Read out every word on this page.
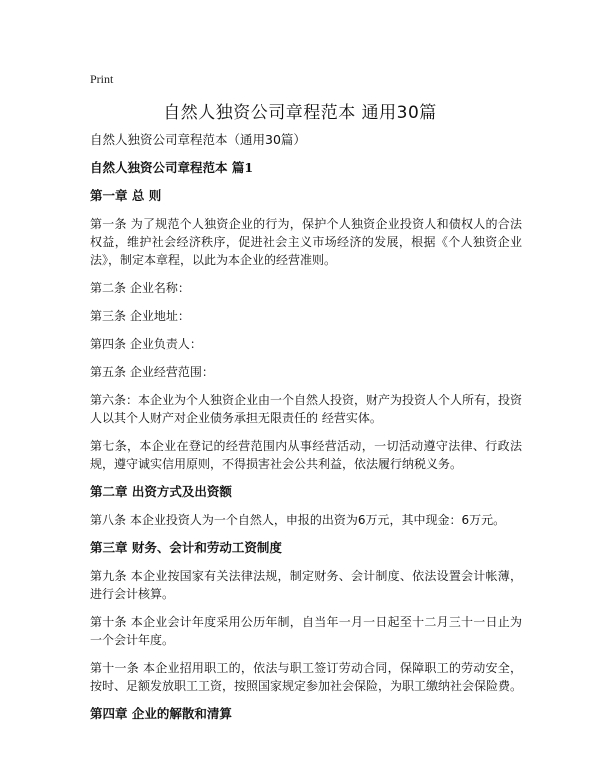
Print
自然人独资公司章程范本 通用30篇

自然人独资公司章程范本（通用30篇）

自然人独资公司章程范本 篇1

第一章 总 则

第一条 为了规范个人独资企业的行为，保护个人独资企业投资人和债权人的合法权益，维护社会经济秩序，促进社会主义市场经济的发展，根据《个人独资企业法》，制定本章程，以此为本企业的经营准则。

第二条 企业名称：

第三条 企业地址：

第四条 企业负责人：

第五条 企业经营范围：

第六条：本企业为个人独资企业由一个自然人投资，财产为投资人个人所有，投资人以其个人财产对企业债务承担无限责任的 经营实体。

第七条，本企业在登记的经营范围内从事经营活动，一切活动遵守法律、行政法规，遵守诚实信用原则，不得损害社会公共利益，依法履行纳税义务。

第二章 出资方式及出资额

第八条 本企业投资人为一个自然人，申报的出资为6万元，其中现金：6万元。

第三章 财务、会计和劳动工资制度

第九条 本企业按国家有关法律法规，制定财务、会计制度、依法设置会计帐薄，进行会计核算。

第十条 本企业会计年度采用公历年制，自当年一月一日起至十二月三十一日止为一个会计年度。

第十一条 本企业招用职工的，依法与职工签订劳动合同，保障职工的劳动安全，按时、足额发放职工工资，按照国家规定参加社会保险，为职工缴纳社会保险费。

第四章 企业的解散和清算
